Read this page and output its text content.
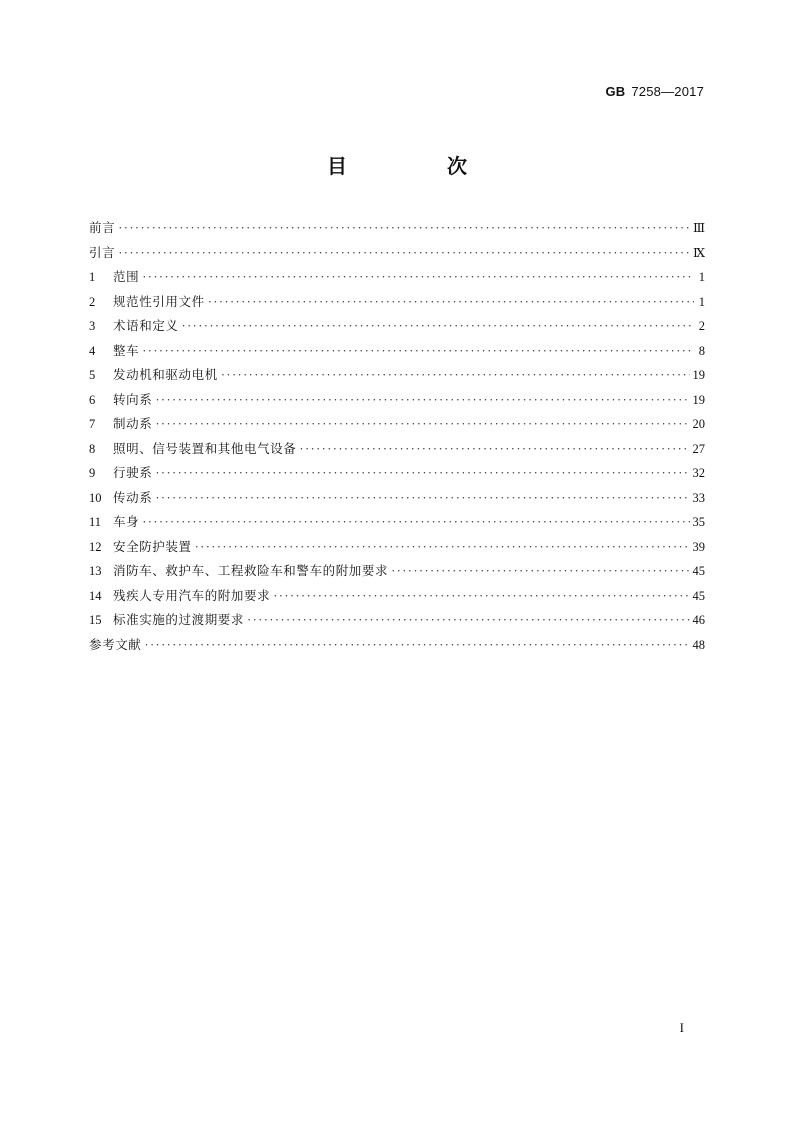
GB 7258—2017
目　次
前言 ·····	Ⅲ
引言 ·····	Ⅸ
1	范围 ·····	1
2	规范性引用文件 ·····	1
3	术语和定义 ·····	2
4	整车 ·····	8
5	发动机和驱动电机 ·····	19
6	转向系 ·····	19
7	制动系 ·····	20
8	照明、信号装置和其他电气设备 ·····	27
9	行驶系 ·····	32
10 传动系 ·····	33
11 车身 ·····	35
12 安全防护装置 ·····	39
13 消防车、救护车、工程救险车和警车的附加要求 ·····	45
14 残疾人专用汽车的附加要求 ·····	45
15 标准实施的过渡期要求 ·····	46
参考文献 ·····	48
I
